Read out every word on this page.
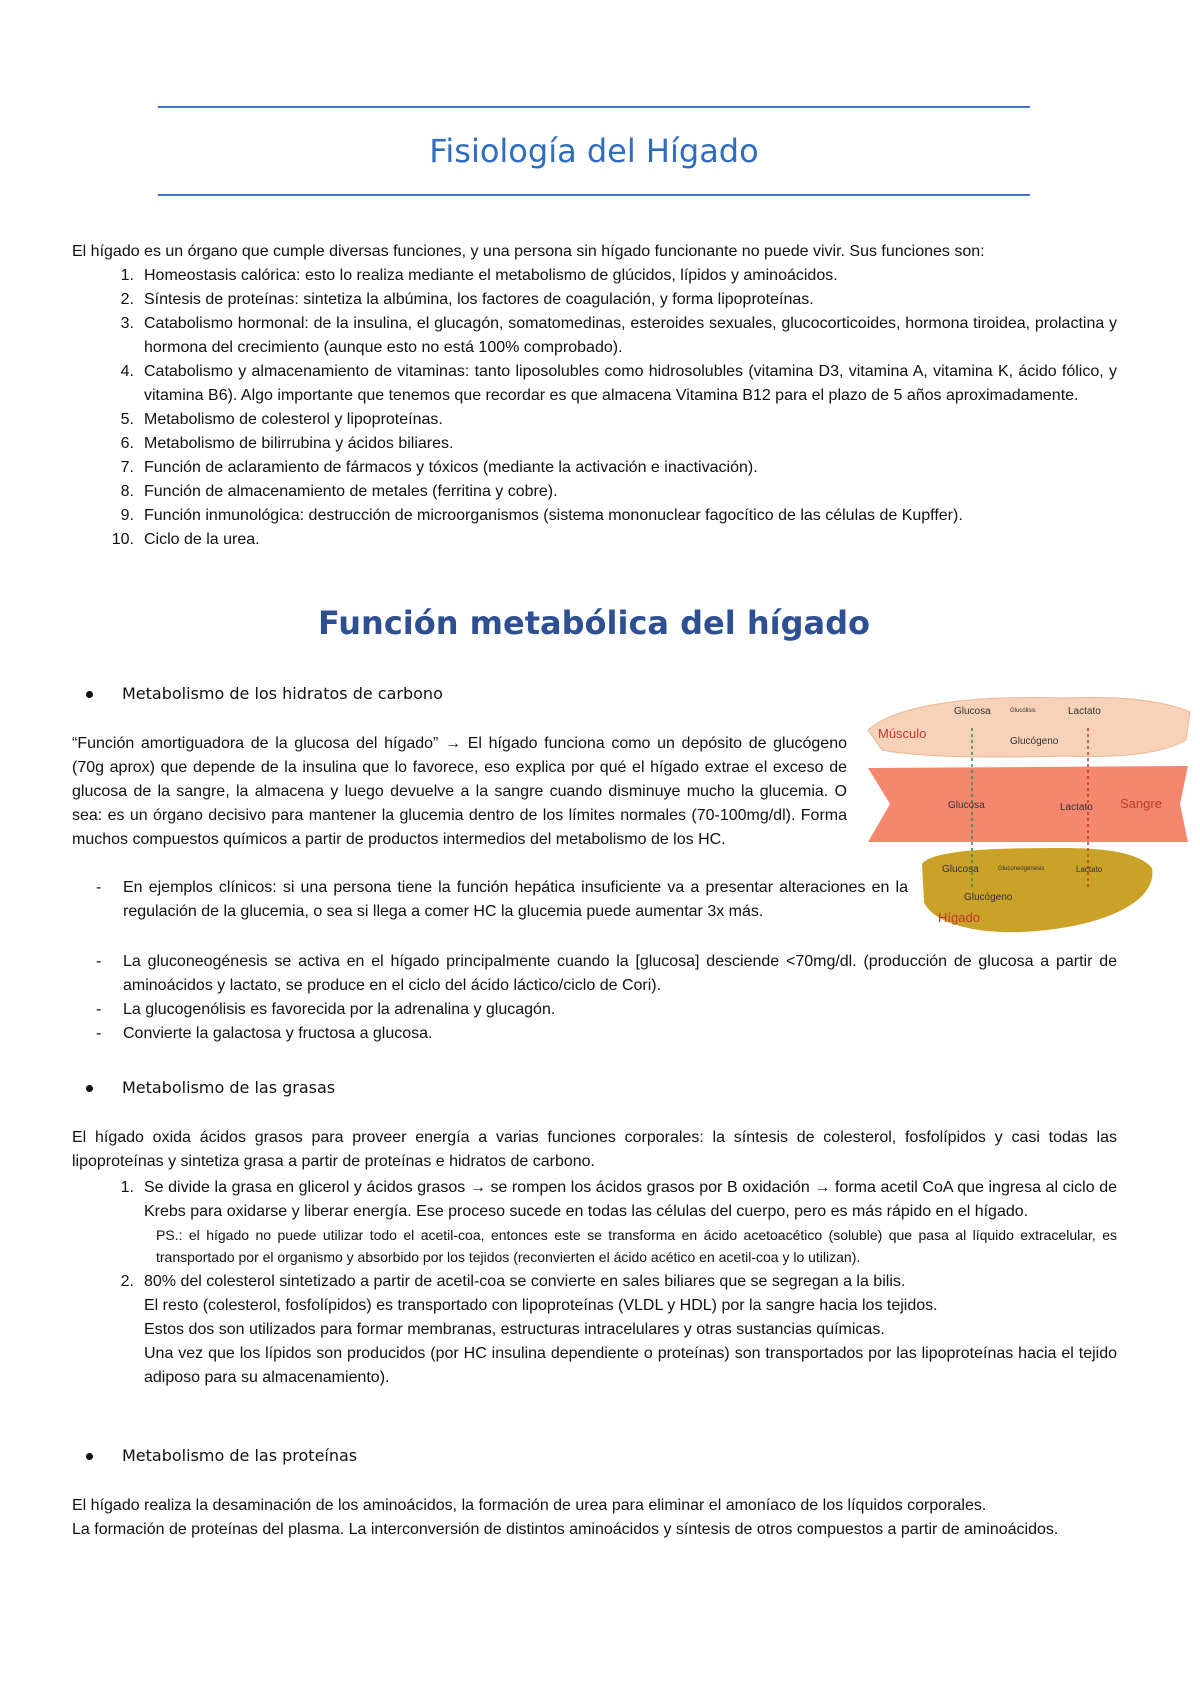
Fisiología del Hígado
El hígado es un órgano que cumple diversas funciones, y una persona sin hígado funcionante no puede vivir. Sus funciones son:
1. Homeostasis calórica: esto lo realiza mediante el metabolismo de glúcidos, lípidos y aminoácidos.
2. Síntesis de proteínas: sintetiza la albúmina, los factores de coagulación, y forma lipoproteínas.
3. Catabolismo hormonal: de la insulina, el glucagón, somatomedinas, esteroides sexuales, glucocorticoides, hormona tiroidea, prolactina y hormona del crecimiento (aunque esto no está 100% comprobado).
4. Catabolismo y almacenamiento de vitaminas: tanto liposolubles como hidrosolubles (vitamina D3, vitamina A, vitamina K, ácido fólico, y vitamina B6). Algo importante que tenemos que recordar es que almacena Vitamina B12 para el plazo de 5 años aproximadamente.
5. Metabolismo de colesterol y lipoproteínas.
6. Metabolismo de bilirrubina y ácidos biliares.
7. Función de aclaramiento de fármacos y tóxicos (mediante la activación e inactivación).
8. Función de almacenamiento de metales (ferritina y cobre).
9. Función inmunológica: destrucción de microorganismos (sistema mononuclear fagocítico de las células de Kupffer).
10. Ciclo de la urea.
Función metabólica del hígado
Metabolismo de los hidratos de carbono
“Función amortiguadora de la glucosa del hígado” → El hígado funciona como un depósito de glucógeno (70g aprox) que depende de la insulina que lo favorece, eso explica por qué el hígado extrae el exceso de glucosa de la sangre, la almacena y luego devuelve a la sangre cuando disminuye mucho la glucemia. O sea: es un órgano decisivo para mantener la glucemia dentro de los límites normales (70-100mg/dl). Forma muchos compuestos químicos a partir de productos intermedios del metabolismo de los HC.
Músculo
Glucosa	Glucólisis	Lactato
Glucógeno
Glucosa	Lactato Sangre
Glucosa	Gluconeogénesis	Lactato
Glucógeno
Hígado
- En ejemplos clínicos: si una persona tiene la función hepática insuficiente va a presentar alteraciones en la regulación de la glucemia, o sea si llega a comer HC la glucemia puede aumentar 3x más.
- La gluconeogénesis se activa en el hígado principalmente cuando la [glucosa] desciende <70mg/dl. (producción de glucosa a partir de aminoácidos y lactato, se produce en el ciclo del ácido láctico/ciclo de Cori).
- La glucogenólisis es favorecida por la adrenalina y glucagón.
- Convierte la galactosa y fructosa a glucosa.
Metabolismo de las grasas
El hígado oxida ácidos grasos para proveer energía a varias funciones corporales: la síntesis de colesterol, fosfolípidos y casi todas las lipoproteínas y sintetiza grasa a partir de proteínas e hidratos de carbono.
1. Se divide la grasa en glicerol y ácidos grasos → se rompen los ácidos grasos por B oxidación → forma acetil CoA que ingresa al ciclo de Krebs para oxidarse y liberar energía. Ese proceso sucede en todas las células del cuerpo, pero es más rápido en el hígado.
PS.: el hígado no puede utilizar todo el acetil-coa, entonces este se transforma en ácido acetoacético (soluble) que pasa al líquido extracelular, es transportado por el organismo y absorbido por los tejidos (reconvierten el ácido acético en acetil-coa y lo utilizan).
2. 80% del colesterol sintetizado a partir de acetil-coa se convierte en sales biliares que se segregan a la bilis.
El resto (colesterol, fosfolípidos) es transportado con lipoproteínas (VLDL y HDL) por la sangre hacia los tejidos.
Estos dos son utilizados para formar membranas, estructuras intracelulares y otras sustancias químicas.
Una vez que los lípidos son producidos (por HC insulina dependiente o proteínas) son transportados por las lipoproteínas hacia el tejido adiposo para su almacenamiento).
Metabolismo de las proteínas
El hígado realiza la desaminación de los aminoácidos, la formación de urea para eliminar el amoníaco de los líquidos corporales.
La formación de proteínas del plasma. La interconversión de distintos aminoácidos y síntesis de otros compuestos a partir de aminoácidos.
